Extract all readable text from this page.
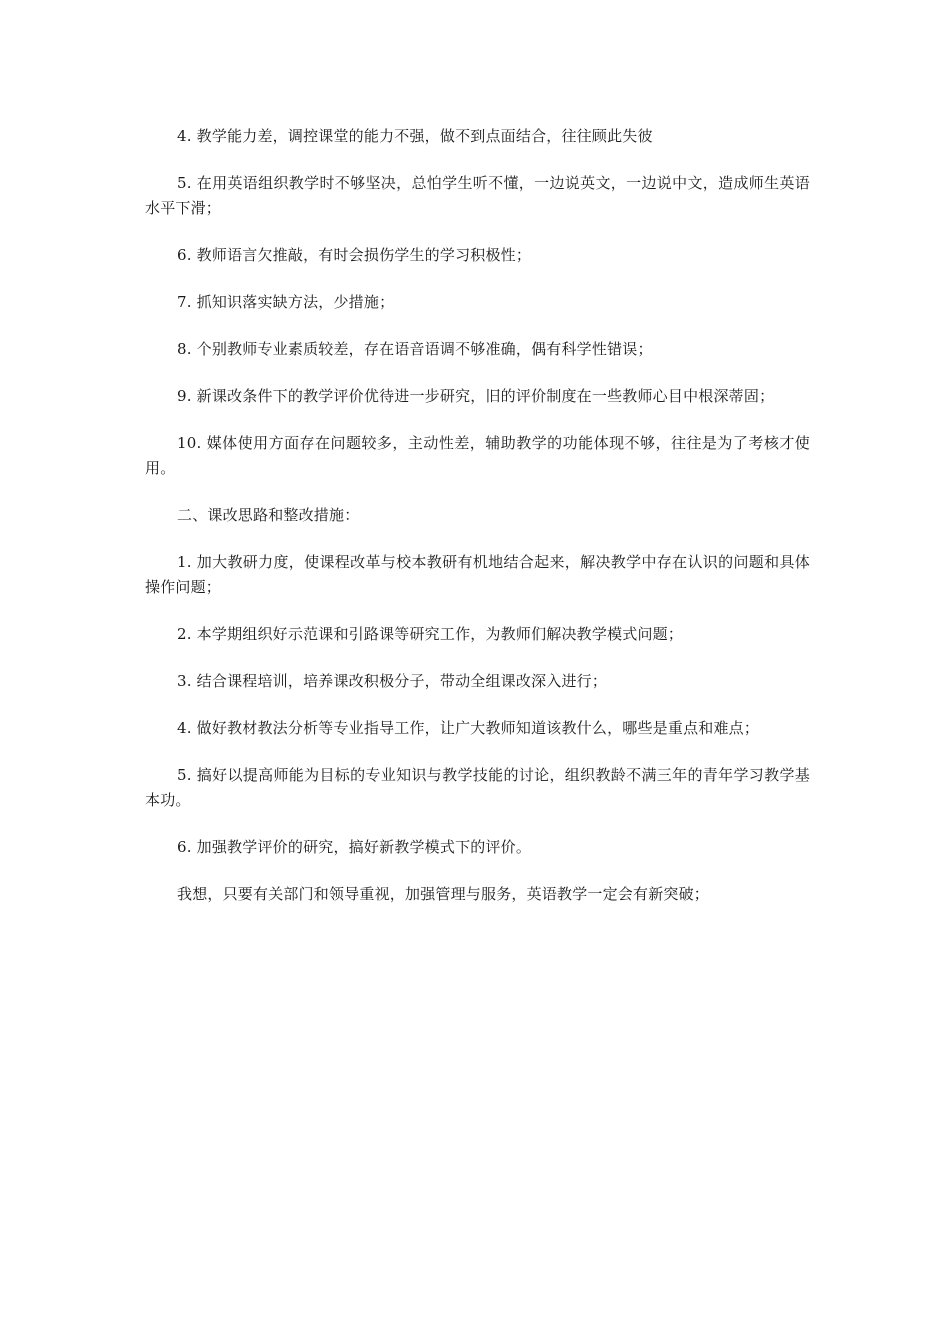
4. 教学能力差，调控课堂的能力不强，做不到点面结合，往往顾此失彼

5. 在用英语组织教学时不够坚决，总怕学生听不懂，一边说英文，一边说中文，造成师生英语水平下滑；

6. 教师语言欠推敲，有时会损伤学生的学习积极性；

7. 抓知识落实缺方法，少措施；

8. 个别教师专业素质较差，存在语音语调不够准确，偶有科学性错误；

9. 新课改条件下的教学评价优待进一步研究，旧的评价制度在一些教师心目中根深蒂固；

10. 媒体使用方面存在问题较多，主动性差，辅助教学的功能体现不够，往往是为了考核才使用。

二、课改思路和整改措施：

1. 加大教研力度，使课程改革与校本教研有机地结合起来，解决教学中存在认识的问题和具体操作问题；

2. 本学期组织好示范课和引路课等研究工作，为教师们解决教学模式问题；

3. 结合课程培训，培养课改积极分子，带动全组课改深入进行；

4. 做好教材教法分析等专业指导工作，让广大教师知道该教什么，哪些是重点和难点；

5. 搞好以提高师能为目标的专业知识与教学技能的讨论，组织教龄不满三年的青年学习教学基本功。

6. 加强教学评价的研究，搞好新教学模式下的评价。

我想，只要有关部门和领导重视，加强管理与服务，英语教学一定会有新突破；
